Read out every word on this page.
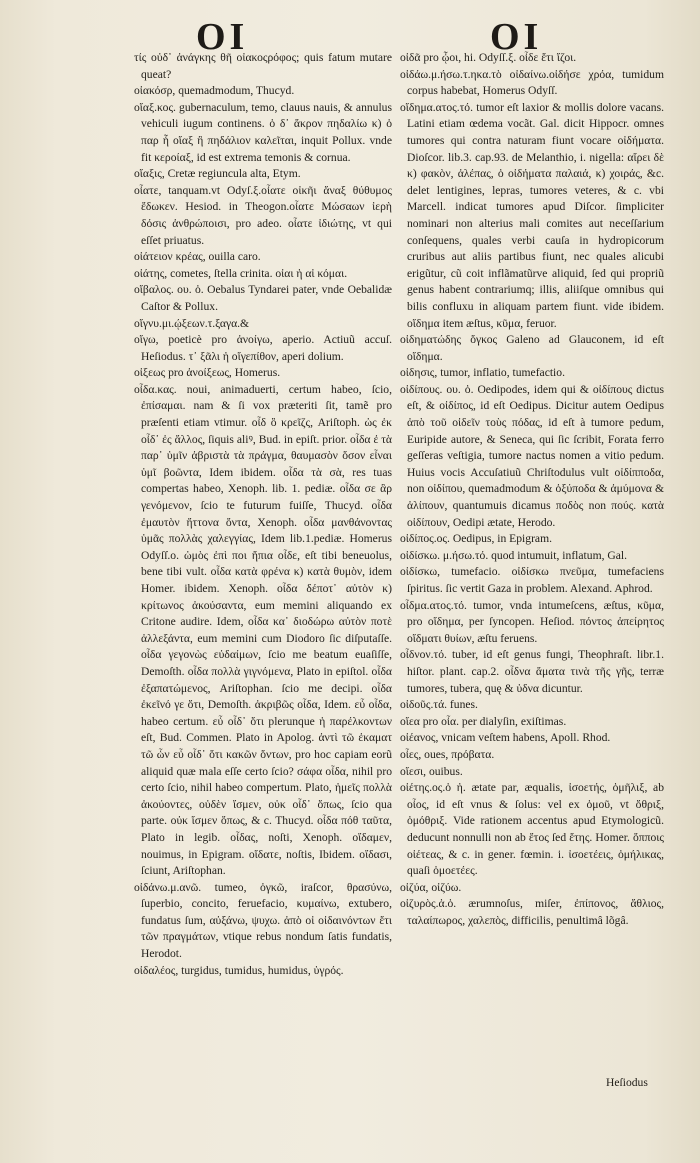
OI	OI

τίς οὐδ᾽ ἀνάγκης θῆ οἰακοςρόφος; quis fatum mutare queat?

οἰακόσρ, quemadmodum, Thucyd.

οἴαξ.κος. gubernaculum, temo, clauus nauis, & annulus vehiculi iugum continens. ὁ δ᾽ ἄκρον πηδαλίω κ) ὁ παρ ἧ οἴαξ ἢ πηδάλιον καλεῖται, inquit Pollux. vnde fit κεροίαξ, id est extrema temonis & cornua.

οἴαξις, Cretæ regiuncula alta, Etym.

οἶατε, tanquam.vt Odyſ.ξ.οἶατε οἰκῆι ἄναξ θύθυμος ἔδωκεν. Hesiod. in Theogon.οἶατε Μώσαων ἱερὴ δόσις ἀνθρώποισι, pro adeo. οἶατε ἰδιώτης, vt qui eſſet priuatus.

οἰάτειον κρέας, ouilla caro.

οἰάτης, cometes, ſtella crinita. οἰαι ἡ αἱ κόμαι.

οἴβαλος. ου. ὁ. Oebalus Tyndarei pater, vnde Oebalidæ Caſtor & Pollux.

οἴγνυ.μι.ῴξεων.τ.ξαγα.&

οἴγω, poeticè pro ἀνοίγω, aperio. Actiuũ accuſ. Heſiodus. τ᾽ ξᾶλι ἡ οἴγεπίθον, aperi dolium.

οἰξεως pro ἀνοίξεως, Homerus.

οἶδα.κας. noui, animaduerti, certum habeo, ſcio, ἐπίσαμαι. nam & ſi vox præteriti ſit, tamẽ pro præſenti etiam vtimur. οἶδ ὃ κρεῖζς, Ariſtoph. ὡς ἐκ οἶδ᾽ ἐς ἄλλος, ſiquis aliꝰ, Bud. in epiſt. prior. οἶδα ἐ τὰ παρ᾽ ὑμῖν ἀβριστὰ τὰ πράγμα, θαυμασὸν ὄσον εἶναι ὑμῖ βοῶντα, Idem ibidem. οἶδα τὰ σὰ, res tuas compertas habeo, Xenoph. lib. 1. pediæ. οἶδα σε ἂρ γενόμενον, ſcio te futurum fuiſſe, Thucyd. οἶδα ἐμαυτὸν ἤττονα ὄντα, Xenoph. οἶδα μανθάνοντας ὑμᾶς πολλὰς χαλεγγίας, Idem lib.1.pediæ. Homerus Odyſſ.ο. ὡμὸς ἐπὶ ποι ἤπια οἶδε, eſt tibi beneuolus, bene tibi vult. οἶδα κατὰ φρένα κ) κατὰ θυμὸν, idem Homer. ibidem. Xenoph. οἶδα δέποτ᾽ αὐτὸν κ) κρίτωνος ἀκούσαντα, eum memini aliquando ex Critone audire. Idem, οἶδα κα᾽ διοδώρω αὐτὸν ποτὲ ἀλλεξάντα, eum memini cum Diodoro ſic diſputaſſe. οἶδα γεγονὼς εὐδαίμων, ſcio me beatum euaſiſſe, Demoſth. οἶδα πολλὰ γιγνόμενα, Plato in epiſtol. οἶδα ἐξαπατώμενος, Ariſtophan. ſcio me decipi. οἶδα ἐκεῖνό γε ὅτι, Demoſth. ἀκριβῶς οἶδα, Idem. εὖ οἶδα, habeo certum. εὖ οἶδ᾽ ὅτι plerunque ἡ παρέλκοντων eſt, Bud. Commen. Plato in Apolog. ἀντὶ τῶ ἐκαματ τῶ ὧν εὖ οἶδ᾽ ὅτι κακῶν ὄντων, pro hoc capiam eorũ aliquid quæ mala eſſe certo ſcio? σάφα οἶδα, nihil pro certo ſcio, nihil habeo compertum. Plato, ἡμεῖς πολλὰ ἀκούοντες, οὐδὲν ἴσμεν, οὐκ οἶδ᾽ ὅπως, ſcio qua parte. οὐκ ἴσμεν ὅπως, & c. Thucyd. οἶδα πόθ ταῦτα, Plato in legib. οἶδας, noſti, Xenoph. οἴδαμεν, nouimus, in Epigram. οἴδατε, noſtis, Ibidem. οἴδασι, ſciunt, Ariſtophan.

οἰδάνω.μ.ανῶ. tumeo, ὀγκῶ, iraſcor, θρασύνω, ſuperbio, concito, feruefacio, κυμαίνω, extubero, fundatus ſum, αὐξάνω, ψυχω. ἀπὸ οἱ οἰδαινόντων ἔτι τῶν πραγμάτων, vtique rebus nondum ſatis fundatis, Herodot.

οἰδαλέος, turgidus, tumidus, humidus, ὑγρός.

οἰδᾶ pro ᾦοι, hi. Odyſſ.ξ. οἶδε ἔτι ἴζοι.

οἰδάω.μ.ήσω.τ.ηκα.τὸ οἰδαίνω.οἰδήσε χρόα, tumidum corpus habebat, Homerus Odyſſ.

οἴδημα.ατος.τό. tumor eſt laxior & mollis dolore vacans. Latini etiam œdema vocãt. Gal. dicit Hippocr. omnes tumores qui contra naturam fiunt vocare οἰδήματα. Dioſcor. lib.3. cap.93. de Melanthio, i. nigella: αἴρει δὲ κ) φακὸν, ἀλέπας, ὁ οἰδήματα παλαιά, κ) χοιράς, &c. delet lentigines, lepras, tumores veteres, & c. vbi Marcell. indicat tumores apud Diſcor. ſimpliciter nominari non alterius mali comites aut neceſſarium conſequens, quales verbi cauſa in hydropicorum cruribus aut aliis partibus fiunt, nec quales alicubi erigũtur, cũ coit inflãmatũrve aliquid, ſed qui propriũ genus habent contrariumq; illis, aliiſque omnibus qui bilis confluxu in aliquam partem fiunt. vide ibidem. οἴδημα item æſtus, κῦμα, feruor.

οἰδηματώδης ὄγκος Galeno ad Glauconem, id eſt οἴδημα.

οἰδησις, tumor, inflatio, tumefactio.

οἰδίπους. ου. ὁ. Oedipodes, idem qui & οἰδίπους dictus eſt, & οἰδίπος, id eſt Oedipus. Dicitur autem Oedipus ἀπὸ τοῦ οἰδεῖν τοὺς πόδας, id eſt à tumore pedum, Euripide autore, & Seneca, qui ſic ſcribit, Forata ferro geſſeras veſtigia, tumore nactus nomen a vitio pedum. Huius vocis Accuſatiuũ Chriſtodulus vult οἰδίπποδα, non οἰδίπου, quemadmodum & ὀξύποδα & ἀμύμονα & ἀλίπουν, quantumuis dicamus ποδὸς non πούς. κατὰ οἰδίπουν, Oedipi ætate, Herodo.

οἰδίπος.ος. Oedipus, in Epigram.

οἰδίσκω. μ.ήσω.τό. quod intumuit, inflatum, Gal.

οἰδίσκω, tumefacio. οἰδίσκω πνεῦμα, tumefaciens ſpiritus. ſic vertit Gaza in problem. Alexand. Aphrod.

οἶδμα.ατος.τό. tumor, vnda intumeſcens, æſtus, κῦμα, pro οἴδημα, per ſyncopen. Heſiod. πόντος ἀπείρητος οἴδματι θυίων, æſtu feruens.

οἶδνον.τό. tuber, id eſt genus fungi, Theophraſt. libr.1. hiſtor. plant. cap.2. οἶδνα ἅματα τινὰ τῆς γῆς, terræ tumores, tubera, quę & ὑδνα dicuntur.

οἰδοῦς.τά. funes.

οἴεα pro οἶα. per dialyſin, exiſtimas.

οἰέανος, vnicam veſtem habens, Apoll. Rhod.

οἶες, oues, πρόβατα.

οἴεσι, ouibus.

οἰέτης.ος.ὁ ἡ. ætate par, æqualis, ἰσοετής, ὁμῆλιξ, ab οἶος, id eſt vnus & ſolus: vel ex ὁμοῦ, vt ὅθριξ, ὁμόθριξ. Vide rationem accentus apud Etymologicũ. deducunt nonnulli non ab ἔτος ſed ἔτης. Homer. ὅπποις οἰέτεας, & c. in gener. fœmin. i. ἰσοετέεις, ὁμήλικας, quaſi ὁμοετέες.

οἰζύα, οἰζύω.

οἰζυρὸς.ἁ.ὁ. ærumnoſus, miſer, ἐπίπονος, ἄθλιος, ταλαίπωρος, χαλεπὸς, difficilis, penultimâ lõgâ.

Heſiodus
